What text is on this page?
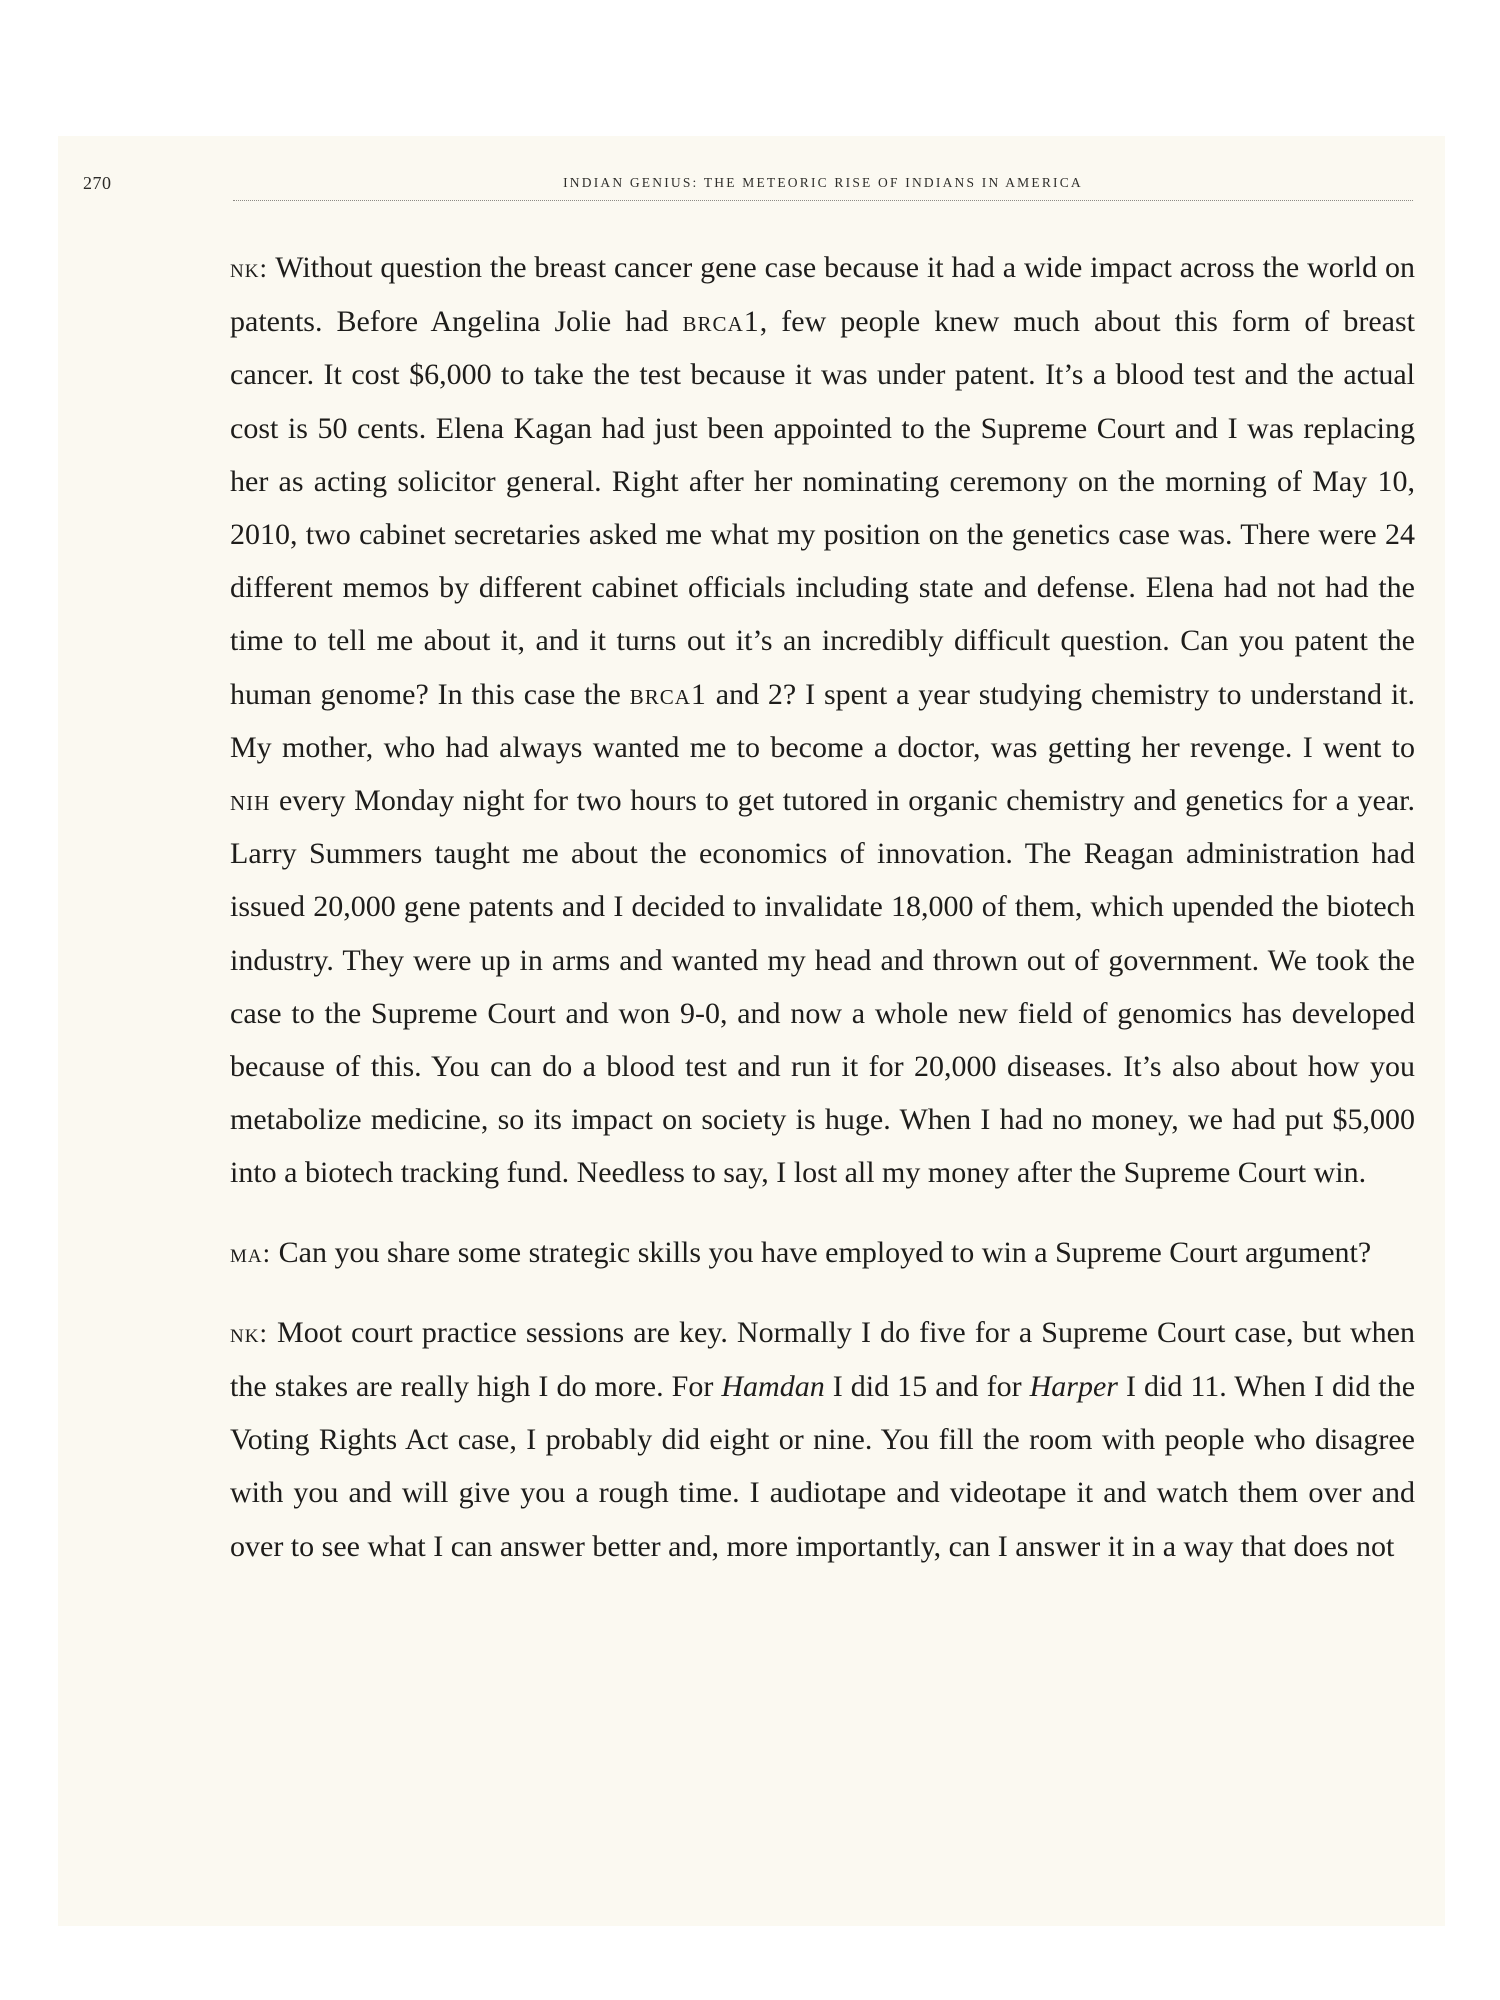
270	INDIAN GENIUS: THE METEORIC RISE OF INDIANS IN AMERICA

nk: Without question the breast cancer gene case because it had a wide impact across the world on patents. Before Angelina Jolie had brca1, few people knew much about this form of breast cancer. It cost $6,000 to take the test because it was under patent. It’s a blood test and the actual cost is 50 cents. Elena Kagan had just been appointed to the Supreme Court and I was replacing her as acting solicitor general. Right after her nominating ceremony on the morning of May 10, 2010, two cabinet secretaries asked me what my position on the genetics case was. There were 24 different memos by different cabinet officials including state and defense. Elena had not had the time to tell me about it, and it turns out it’s an incredibly difficult question. Can you patent the human genome? In this case the brca1 and 2? I spent a year studying chemistry to understand it. My mother, who had always wanted me to become a doctor, was getting her revenge. I went to nih every Monday night for two hours to get tutored in organic chemistry and genetics for a year. Larry Summers taught me about the economics of innovation. The Reagan administration had issued 20,000 gene patents and I decided to invalidate 18,000 of them, which upended the biotech industry. They were up in arms and wanted my head and thrown out of government. We took the case to the Supreme Court and won 9-0, and now a whole new field of genomics has developed because of this. You can do a blood test and run it for 20,000 diseases. It’s also about how you metabolize medicine, so its impact on society is huge. When I had no money, we had put $5,000 into a biotech tracking fund. Needless to say, I lost all my money after the Supreme Court win.

ma: Can you share some strategic skills you have employed to win a Supreme Court argument?

nk: Moot court practice sessions are key. Normally I do five for a Supreme Court case, but when the stakes are really high I do more. For Hamdan I did 15 and for Harper I did 11. When I did the Voting Rights Act case, I probably did eight or nine. You fill the room with people who disagree with you and will give you a rough time. I audiotape and videotape it and watch them over and over to see what I can answer better and, more importantly, can I answer it in a way that does not
